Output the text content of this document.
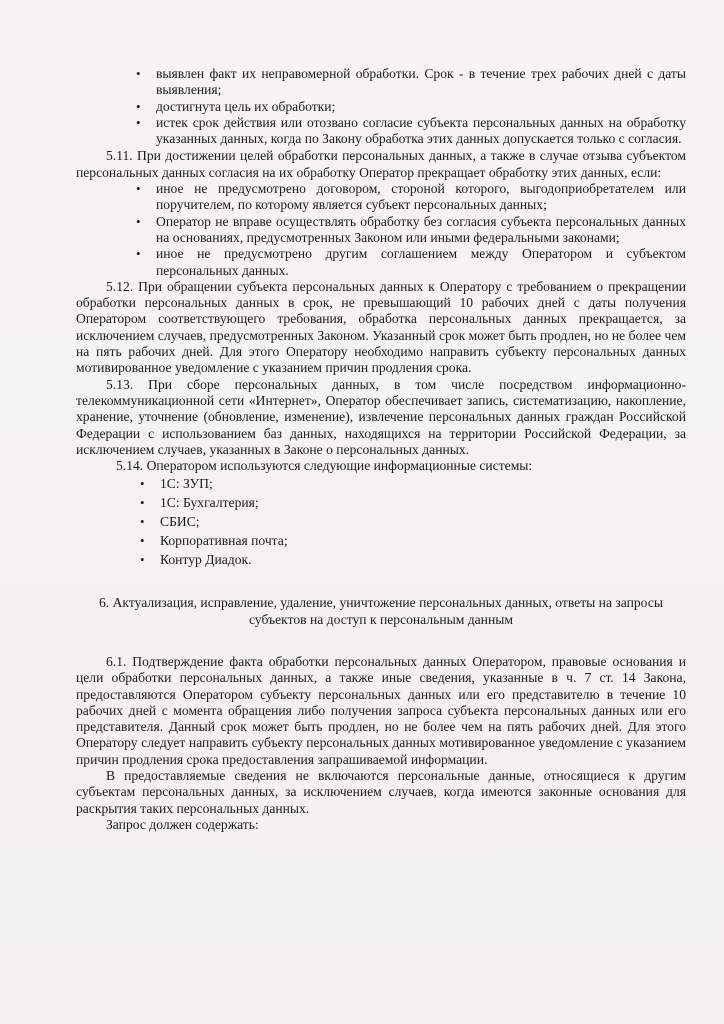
• выявлен факт их неправомерной обработки. Срок - в течение трех рабочих дней с даты выявления;
• достигнута цель их обработки;
• истек срок действия или отозвано согласие субъекта персональных данных на обработку указанных данных, когда по Закону обработка этих данных допускается только с согласия.

5.11. При достижении целей обработки персональных данных, а также в случае отзыва субъектом персональных данных согласия на их обработку Оператор прекращает обработку этих данных, если:

• иное не предусмотрено договором, стороной которого, выгодоприобретателем или поручителем, по которому является субъект персональных данных;
• Оператор не вправе осуществлять обработку без согласия субъекта персональных данных на основаниях, предусмотренных Законом или иными федеральными законами;
• иное не предусмотрено другим соглашением между Оператором и субъектом персональных данных.

5.12. При обращении субъекта персональных данных к Оператору с требованием о прекращении обработки персональных данных в срок, не превышающий 10 рабочих дней с даты получения Оператором соответствующего требования, обработка персональных данных прекращается, за исключением случаев, предусмотренных Законом. Указанный срок может быть продлен, но не более чем на пять рабочих дней. Для этого Оператору необходимо направить субъекту персональных данных мотивированное уведомление с указанием причин продления срока.

5.13. При сборе персональных данных, в том числе посредством информационно-телекоммуникационной сети «Интернет», Оператор обеспечивает запись, систематизацию, накопление, хранение, уточнение (обновление, изменение), извлечение персональных данных граждан Российской Федерации с использованием баз данных, находящихся на территории Российской Федерации, за исключением случаев, указанных в Законе о персональных данных.

5.14. Оператором используются следующие информационные системы:

• 1С: ЗУП;
• 1С: Бухгалтерия;
• СБИС;
• Корпоративная почта;
• Контур Диадок.

6. Актуализация, исправление, удаление, уничтожение персональных данных, ответы на запросы субъектов на доступ к персональным данным

6.1. Подтверждение факта обработки персональных данных Оператором, правовые основания и цели обработки персональных данных, а также иные сведения, указанные в ч. 7 ст. 14 Закона, предоставляются Оператором субъекту персональных данных или его представителю в течение 10 рабочих дней с момента обращения либо получения запроса субъекта персональных данных или его представителя. Данный срок может быть продлен, но не более чем на пять рабочих дней. Для этого Оператору следует направить субъекту персональных данных мотивированное уведомление с указанием причин продления срока предоставления запрашиваемой информации.

В предоставляемые сведения не включаются персональные данные, относящиеся к другим субъектам персональных данных, за исключением случаев, когда имеются законные основания для раскрытия таких персональных данных.

Запрос должен содержать:
